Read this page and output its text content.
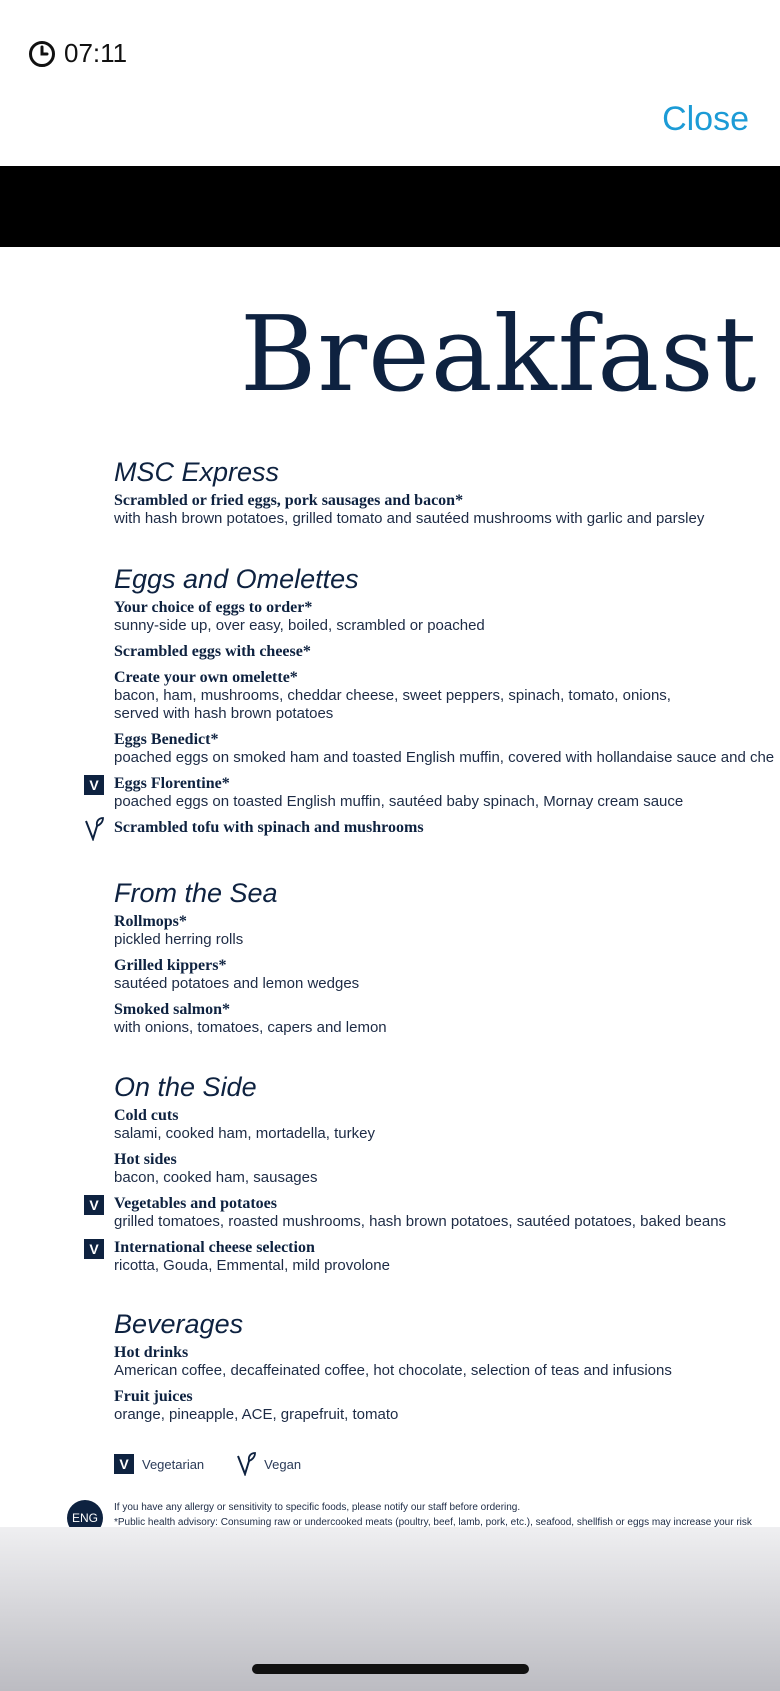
07:11
Close
Breakfast
MSC Express
Scrambled or fried eggs, pork sausages and bacon*
with hash brown potatoes, grilled tomato and sautéed mushrooms with garlic and parsley
Eggs and Omelettes
Your choice of eggs to order*
sunny-side up, over easy, boiled, scrambled or poached
Scrambled eggs with cheese*
Create your own omelette*
bacon, ham, mushrooms, cheddar cheese, sweet peppers, spinach, tomato, onions,
served with hash brown potatoes
Eggs Benedict*
poached eggs on smoked ham and toasted English muffin, covered with hollandaise sauce and che
V Eggs Florentine*
poached eggs on toasted English muffin, sautéed baby spinach, Mornay cream sauce
Scrambled tofu with spinach and mushrooms
From the Sea
Rollmops*
pickled herring rolls
Grilled kippers*
sautéed potatoes and lemon wedges
Smoked salmon*
with onions, tomatoes, capers and lemon
On the Side
Cold cuts
salami, cooked ham, mortadella, turkey
Hot sides
bacon, cooked ham, sausages
V Vegetables and potatoes
grilled tomatoes, roasted mushrooms, hash brown potatoes, sautéed potatoes, baked beans
V International cheese selection
ricotta, Gouda, Emmental, mild provolone
Beverages
Hot drinks
American coffee, decaffeinated coffee, hot chocolate, selection of teas and infusions
Fruit juices
orange, pineapple, ACE, grapefruit, tomato
V	Vegetarian	Vegan
ENG
If you have any allergy or sensitivity to specific foods, please notify our staff before ordering.
*Public health advisory: Consuming raw or undercooked meats (poultry, beef, lamb, pork, etc.), seafood, shellfish or eggs may increase your risk
